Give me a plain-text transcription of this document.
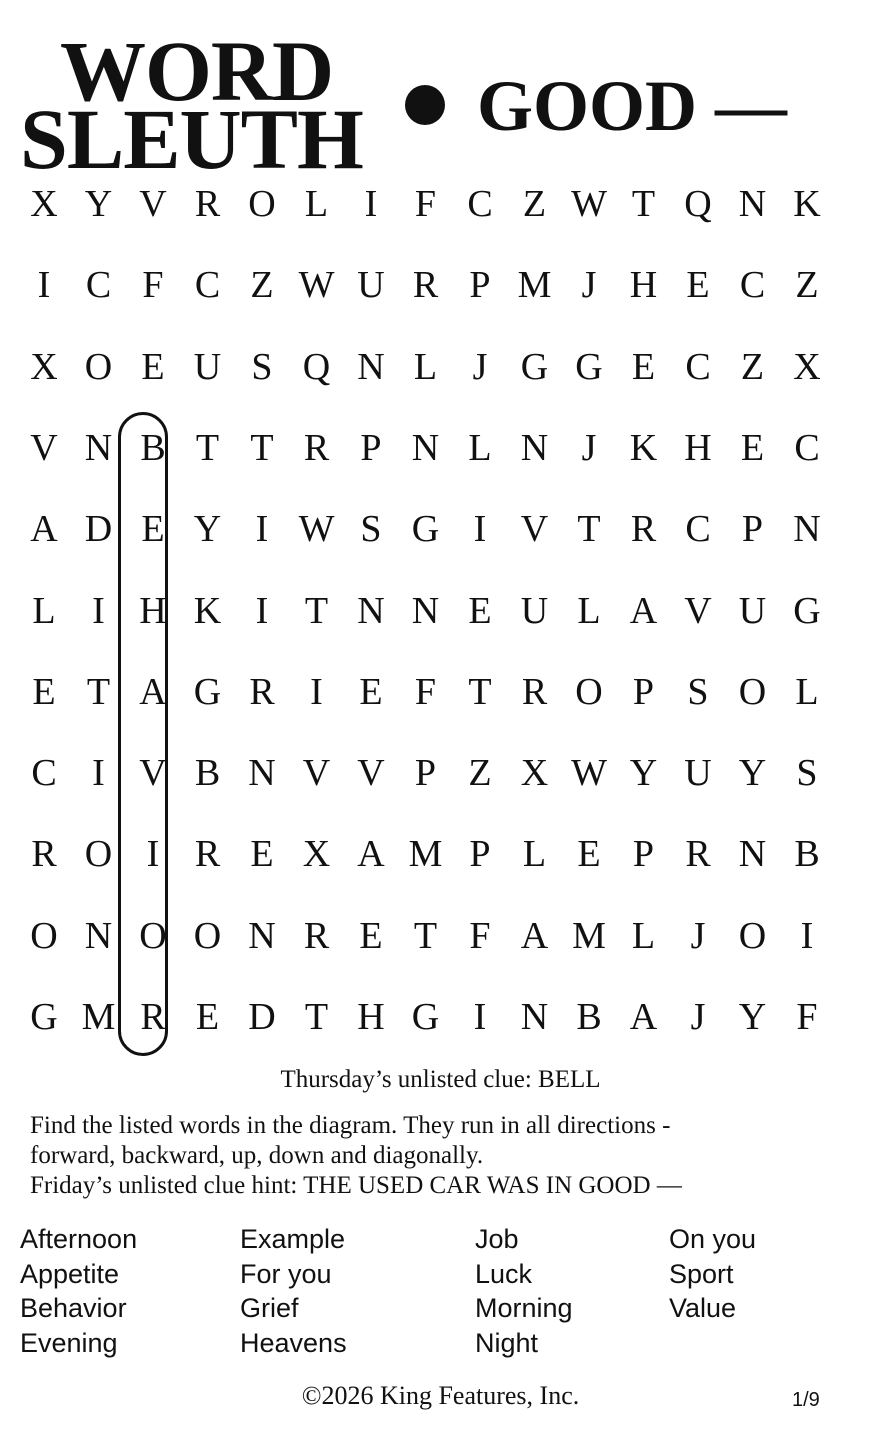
WORD
SLEUTH GOOD —
X Y V R O L I F C Z W T Q N K
I C F C Z W U R P M J H E C Z
X O E U S Q N L J G G E C Z X
V N B T T R P N L N J K H E C
A D E Y I W S G I V T R C P N
L I H K I T N N E U L A V U G
E T A G R I E F T R O P S O L
C I V B N V V P Z X W Y U Y S
R O I R E X A M P L E P R N B
O N O O N R E T F A M L J O I
G M R E D T H G I N B A J Y F
Thursday’s unlisted clue: BELL
Find the listed words in the diagram. They run in all directions -
forward, backward, up, down and diagonally.
Friday’s unlisted clue hint: THE USED CAR WAS IN GOOD —
Afternoon
Appetite
Behavior
Evening
Example
For you
Grief
Heavens
Job
Luck
Morning
Night
On you
Sport
Value
©2026 King Features, Inc.	1/9
